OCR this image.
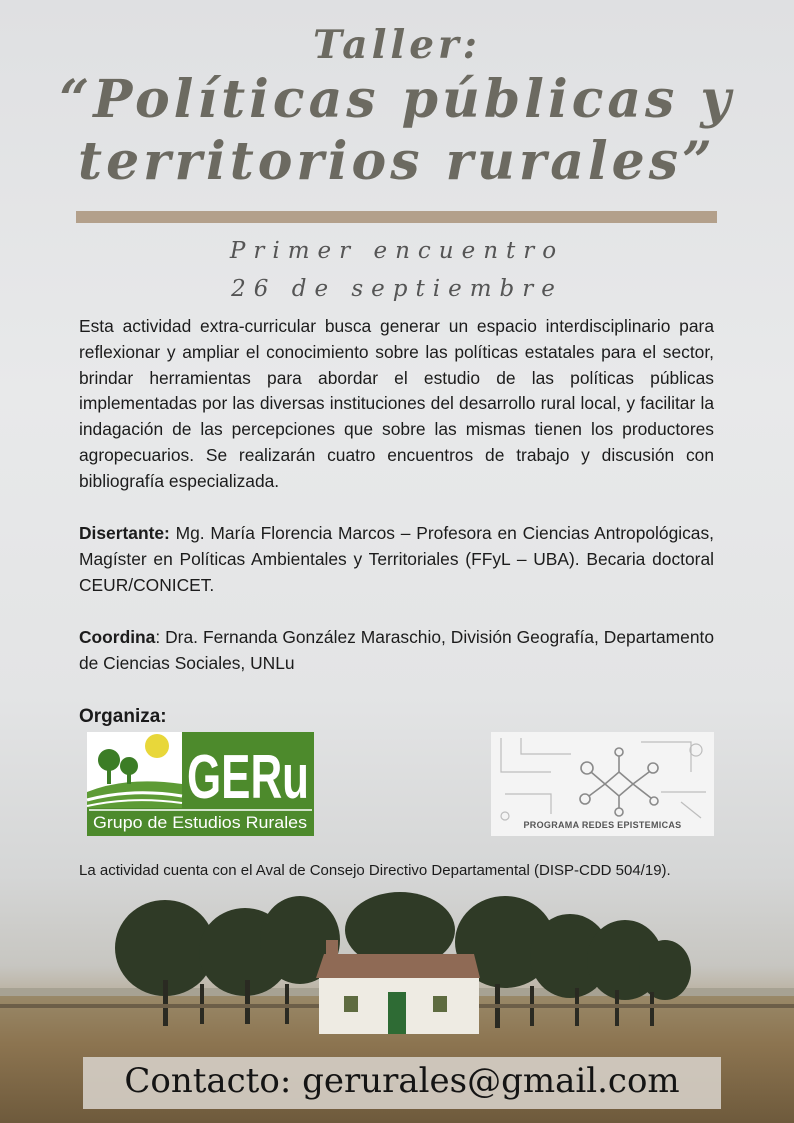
Taller:
“Políticas públicas y
territorios rurales”

Primer encuentro

26 de septiembre

Esta actividad extra-curricular busca generar un espacio interdisciplinario para reflexionar y ampliar el conocimiento sobre las políticas estatales para el sector, brindar herramientas para abordar el estudio de las políticas públicas implementadas por las diversas instituciones del desarrollo rural local, y facilitar la indagación de las percepciones que sobre las mismas tienen los productores agropecuarios. Se realizarán cuatro encuentros de trabajo y discusión con bibliografía especializada.

Disertante: Mg. María Florencia Marcos – Profesora en Ciencias Antropológicas, Magíster en Políticas Ambientales y Territoriales (FFyL – UBA). Becaria doctoral CEUR/CONICET.

Coordina: Dra. Fernanda González Maraschio, División Geografía, Departamento de Ciencias Sociales, UNLu

Organiza:

GERu
Grupo de Estudios Rurales	PROGRAMA REDES EPISTEMICAS

La actividad cuenta con el Aval de Consejo Directivo Departamental (DISP-CDD 504/19).

Contacto: gerurales@gmail.com
